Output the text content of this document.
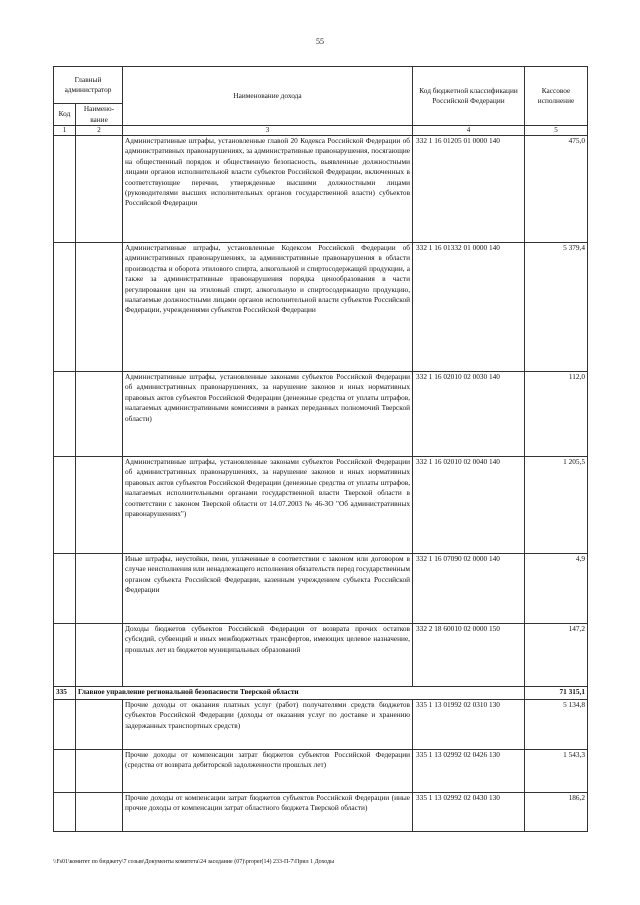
55
Главный администратор		Наименование дохода	Код бюджетной классификации Российской Федерации	Кассовое исполнение
Код	Наимено-вание			
1	2	3	4	5
		Административные штрафы, установленные главой 20 Кодекса Российской Федерации об административных правонарушениях, за административные правонарушения, посягающие на общественный порядок и общественную безопасность, выявленные должностными лицами органов исполнительной власти субъектов Российской Федерации, включенных в соответствующие перечни, утвержденные высшими должностными лицами (руководителями высших исполнительных органов государственной власти) субъектов Российской Федерации	332 1 16 01205 01 0000 140	475,0
		Административные штрафы, установленные Кодексом Российской Федерации об административных правонарушениях, за административные правонарушения в области производства и оборота этилового спирта, алкогольной и спиртосодержащей продукции, а также за административные правонарушения порядка ценообразования в части регулирования цен на этиловый спирт, алкогольную и спиртосодержащую продукцию, налагаемые должностными лицами органов исполнительной власти субъектов Российской Федерации, учреждениями субъектов Российской Федерации	332 1 16 01332 01 0000 140	5 379,4
		Административные штрафы, установленные законами субъектов Российской Федерации об административных правонарушениях, за нарушение законов и иных нормативных правовых актов субъектов Российской Федерации (денежные средства от уплаты штрафов, налагаемых административными комиссиями в рамках переданных полномочий Тверской области)	332 1 16 02010 02 0030 140	112,0
		Административные штрафы, установленные законами субъектов Российской Федерации об административных правонарушениях, за нарушение законов и иных нормативных правовых актов субъектов Российской Федерации (денежные средства от уплаты штрафов, налагаемых исполнительными органами государственной власти Тверской области в соответствии с законом Тверской области от 14.07.2003 № 46-ЗО "Об административных правонарушениях")	332 1 16 02010 02 0040 140	1 205,5
		Иные штрафы, неустойки, пени, уплаченные в соответствии с законом или договором в случае неисполнения или ненадлежащего исполнения обязательств перед государственным органом субъекта Российской Федерации, казенным учреждением субъекта Российской Федерации	332 1 16 07090 02 0000 140	4,9
		Доходы бюджетов субъектов Российской Федерации от возврата прочих остатков субсидий, субвенций и иных межбюджетных трансфертов, имеющих целевое назначение, прошлых лет из бюджетов муниципальных образований	332 2 18 60010 02 0000 150	147,2
335	Главное управление региональной безопасности Тверской области			71 315,1
		Прочие доходы от оказания платных услуг (работ) получателями средств бюджетов субъектов Российской Федерации (доходы от оказания услуг по доставке и хранению задержанных транспортных средств)	335 1 13 01992 02 0310 130	5 134,8
		Прочие доходы от компенсации затрат бюджетов субъектов Российской Федерации (средства от возврата дебиторской задолженности прошлых лет)	335 1 13 02992 02 0426 130	1 543,3
		Прочие доходы от компенсации затрат бюджетов субъектов Российской Федерации (иные прочие доходы от компенсации затрат областного бюджета Тверской области)	335 1 13 02992 02 0430 130	186,2
\\Fs01\комитет по бюджету\7 созыв\Документы комитета\24 заседание (07)\proper(14) 233-П-7\Прил 1 Доходы
